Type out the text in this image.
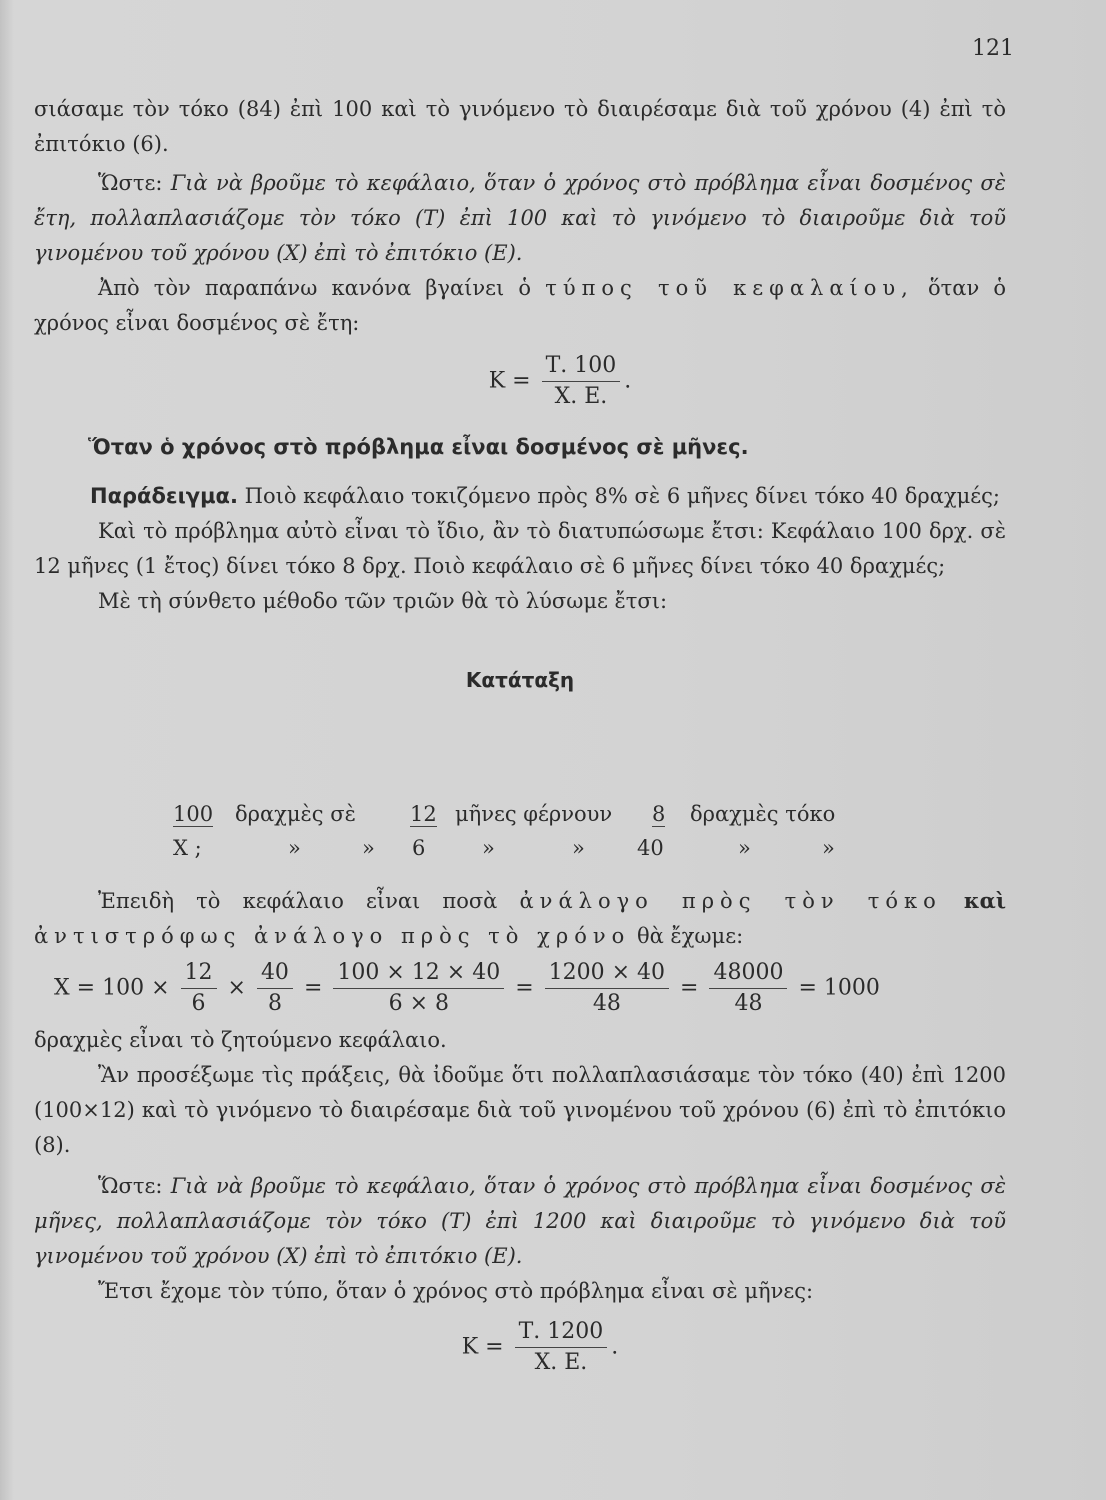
121

σιάσαμε τὸν τόκο (84) ἐπὶ 100 καὶ τὸ γινόμενο τὸ διαιρέσαμε διὰ τοῦ χρόνου (4) ἐπὶ τὸ ἐπιτόκιο (6).

Ὥστε: Γιὰ νὰ βροῦμε τὸ κεφάλαιο, ὅταν ὁ χρόνος στὸ πρόβλημα εἶναι δοσμένος σὲ ἔτη, πολλαπλασιάζομε τὸν τόκο (Τ) ἐπὶ 100 καὶ τὸ γινόμενο τὸ διαιροῦμε διὰ τοῦ γινομένου τοῦ χρόνου (Χ) ἐπὶ τὸ ἐπιτόκιο (Ε).

Ἀπὸ τὸν παραπάνω κανόνα βγαίνει ὁ τύπος τοῦ κεφαλαίου, ὅταν ὁ χρόνος εἶναι δοσμένος σὲ ἔτη:

$K = \frac{T. 100}{X. E.}$ .

Ὅταν ὁ χρόνος στὸ πρόβλημα εἶναι δοσμένος σὲ μῆνες.

Παράδειγμα. Ποιὸ κεφάλαιο τοκιζόμενο πρὸς 8% σὲ 6 μῆνες δίνει τόκο 40 δραχμές;

Καὶ τὸ πρόβλημα αὐτὸ εἶναι τὸ ἴδιο, ἂν τὸ διατυπώσωμε ἔτσι: Κεφάλαιο 100 δρχ. σὲ 12 μῆνες (1 ἔτος) δίνει τόκο 8 δρχ. Ποιὸ κεφάλαιο σὲ 6 μῆνες δίνει τόκο 40 δραχμές;

Μὲ τὴ σύνθετο μέθοδο τῶν τριῶν θὰ τὸ λύσωμε ἔτσι:

Κατάταξη

100 δραχμὲς σὲ	12 μῆνες φέρνουν 8 δραχμὲς τόκο
Χ ;	»	» 6	»	» 40	»	»

Ἐπειδὴ τὸ κεφάλαιο εἶναι ποσὰ ἀνάλογο πρὸς τὸν τόκο καὶ ἀντιστρόφως ἀνάλογο πρὸς τὸ χρόνο θὰ ἔχωμε:

$X = 100 \times \frac{12}{6} \times \frac{40}{8} = \frac{100 \times 12 \times 40}{6 \times 8} = \frac{1200 \times 40}{48} = \frac{48000}{48} = 1000$

δραχμὲς εἶναι τὸ ζητούμενο κεφάλαιο.

Ἂν προσέξωμε τὶς πράξεις, θὰ ἰδοῦμε ὅτι πολλαπλασιάσαμε τὸν τόκο (40) ἐπὶ 1200 (100×12) καὶ τὸ γινόμενο τὸ διαιρέσαμε διὰ τοῦ γινομένου τοῦ χρόνου (6) ἐπὶ τὸ ἐπιτόκιο (8).

Ὥστε: Γιὰ νὰ βροῦμε τὸ κεφάλαιο, ὅταν ὁ χρόνος στὸ πρόβλημα εἶναι δοσμένος σὲ μῆνες, πολλαπλασιάζομε τὸν τόκο (Τ) ἐπὶ 1200 καὶ διαιροῦμε τὸ γινόμενο διὰ τοῦ γινομένου τοῦ χρόνου (Χ) ἐπὶ τὸ ἐπιτόκιο (Ε).

Ἔτσι ἔχομε τὸν τύπο, ὅταν ὁ χρόνος στὸ πρόβλημα εἶναι σὲ μῆνες:

$K = \frac{T. 1200}{X. E.}$ .
